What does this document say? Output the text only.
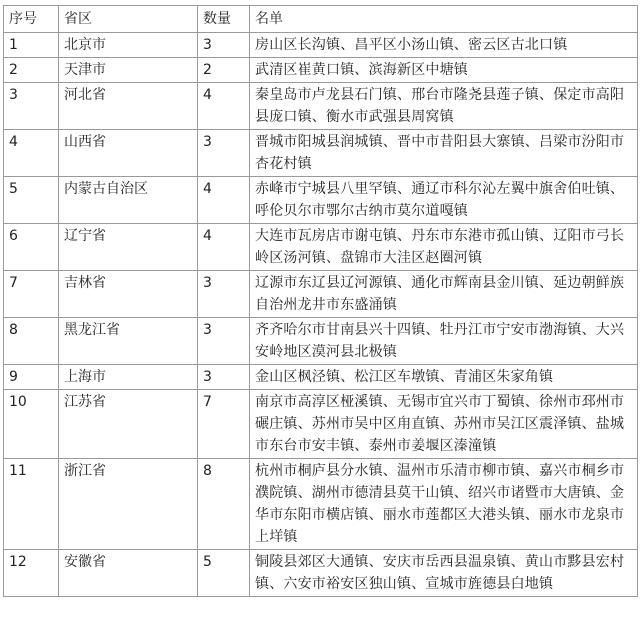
序号	省区	数量	名单
1	北京市	3	房山区长沟镇、昌平区小汤山镇、密云区古北口镇
2	天津市	2	武清区崔黄口镇、滨海新区中塘镇
3	河北省	4	秦皇岛市卢龙县石门镇、邢台市隆尧县莲子镇、保定市高阳县庞口镇、衡水市武强县周窝镇
4	山西省	3	晋城市阳城县润城镇、晋中市昔阳县大寨镇、吕梁市汾阳市杏花村镇
5	内蒙古自治区	4	赤峰市宁城县八里罕镇、通辽市科尔沁左翼中旗舍伯吐镇、呼伦贝尔市鄂尔古纳市莫尔道嘎镇
6	辽宁省	4	大连市瓦房店市谢屯镇、丹东市东港市孤山镇、辽阳市弓长岭区汤河镇、盘锦市大洼区赵圈河镇
7	吉林省	3	辽源市东辽县辽河源镇、通化市辉南县金川镇、延边朝鲜族自治州龙井市东盛涌镇
8	黑龙江省	3	齐齐哈尔市甘南县兴十四镇、牡丹江市宁安市渤海镇、大兴安岭地区漠河县北极镇
9	上海市	3	金山区枫泾镇、松江区车墩镇、青浦区朱家角镇
10	江苏省	7	南京市高淳区桠溪镇、无锡市宜兴市丁蜀镇、徐州市邳州市碾庄镇、苏州市吴中区甪直镇、苏州市吴江区震泽镇、盐城市东台市安丰镇、泰州市姜堰区溱潼镇
11	浙江省	8	杭州市桐庐县分水镇、温州市乐清市柳市镇、嘉兴市桐乡市濮院镇、湖州市德清县莫干山镇、绍兴市诸暨市大唐镇、金华市东阳市横店镇、丽水市莲都区大港头镇、丽水市龙泉市上垟镇
12	安徽省	5	铜陵县郊区大通镇、安庆市岳西县温泉镇、黄山市黟县宏村镇、六安市裕安区独山镇、宣城市旌德县白地镇
